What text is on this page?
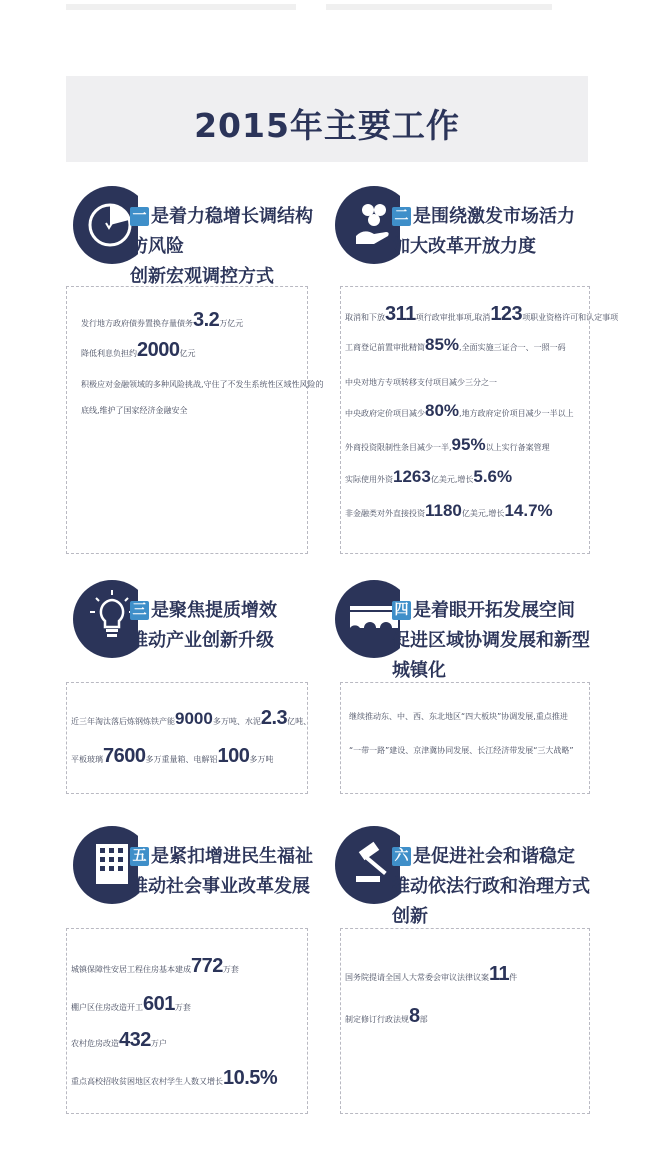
2015年主要工作
一 是着力稳增长调结构防风险
创新宏观调控方式
发行地方政府债券置换存量债务3.2万亿元
降低利息负担约2000亿元
积极应对金融领域的多种风险挑战,守住了不发生系统性区域性风险的
底线,维护了国家经济金融安全
二 是围绕激发市场活力
加大改革开放力度
取消和下放311项行政审批事项,取消123项职业资格许可和认定事项
工商登记前置审批精简85%,全面实施三证合一、一照一码
中央对地方专项转移支付项目减少三分之一
中央政府定价项目减少80%,地方政府定价项目减少一半以上
外商投资限制性条目减少一半,95%以上实行备案管理
实际使用外资1263亿美元,增长5.6%
非金融类对外直接投资1180亿美元,增长14.7%
三 是聚焦提质增效
推动产业创新升级
近三年淘汰落后炼钢炼铁产能9000多万吨、水泥2.3亿吨、
平板玻璃7600多万重量箱、电解铝100多万吨
四 是着眼开拓发展空间
促进区域协调发展和新型城镇化
继续推动东、中、西、东北地区“四大板块”协调发展,重点推进
“一带一路”建设、京津冀协同发展、长江经济带发展“三大战略”
五 是紧扣增进民生福祉
推动社会事业改革发展
城镇保障性安居工程住房基本建成772万套
棚户区住房改造开工601万套
农村危房改造432万户
重点高校招收贫困地区农村学生人数又增长10.5%
六 是促进社会和谐稳定
推动依法行政和治理方式创新
国务院提请全国人大常委会审议法律议案11件
制定修订行政法规8部
